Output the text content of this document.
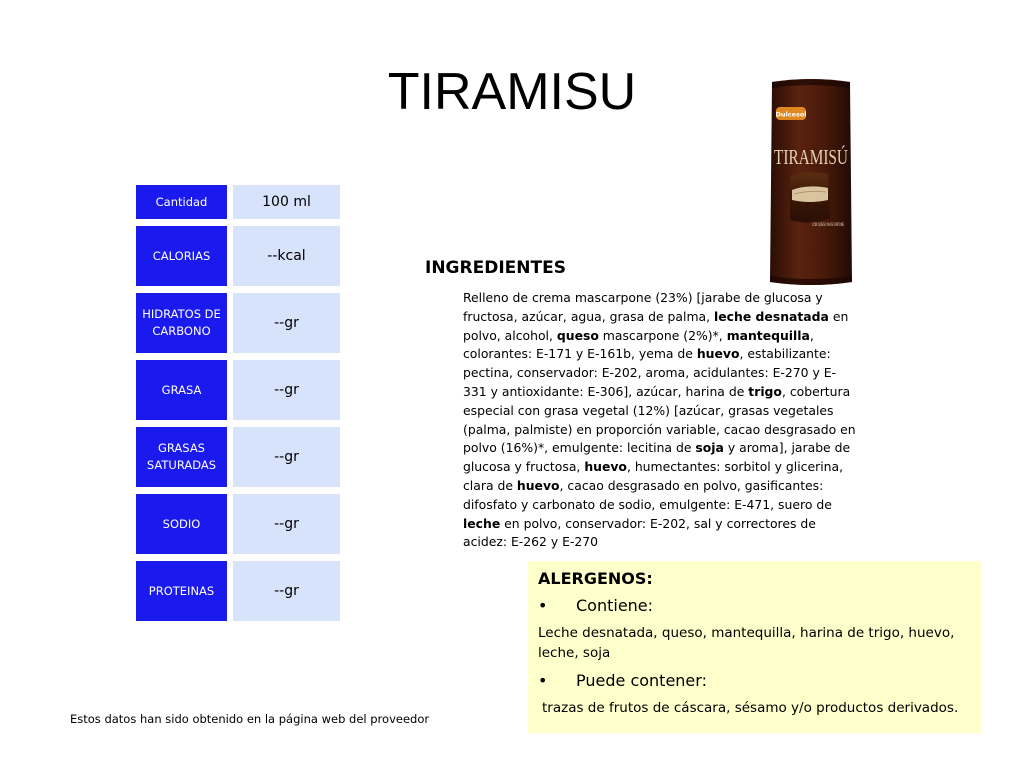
TIRAMISU
Cantidad	100 ml
CALORIAS	--kcal
HIDRATOS DE CARBONO	--gr
GRASA	--gr
GRASAS SATURADAS	--gr
SODIO	--gr
PROTEINAS	--gr
Dulcesol
TIRAMISÚ
CON QUESO MASCARPONE
INGREDIENTES
Relleno de crema mascarpone (23%) [jarabe de glucosa y fructosa, azúcar, agua, grasa de palma, leche desnatada en polvo, alcohol, queso mascarpone (2%)*, mantequilla, colorantes: E-171 y E-161b, yema de huevo, estabilizante: pectina, conservador: E-202, aroma, acidulantes: E-270 y E-331 y antioxidante: E-306], azúcar, harina de trigo, cobertura especial con grasa vegetal (12%) [azúcar, grasas vegetales (palma, palmiste) en proporción variable, cacao desgrasado en polvo (16%)*, emulgente: lecitina de soja y aroma], jarabe de glucosa y fructosa, huevo, humectantes: sorbitol y glicerina, clara de huevo, cacao desgrasado en polvo, gasificantes: difosfato y carbonato de sodio, emulgente: E-471, suero de leche en polvo, conservador: E-202, sal y correctores de acidez: E-262 y E-270
ALERGENOS:
•	Contiene:
Leche desnatada, queso, mantequilla, harina de trigo, huevo, leche, soja
•	Puede contener:
trazas de frutos de cáscara, sésamo y/o productos derivados.
Estos datos han sido obtenido en la página web del proveedor
